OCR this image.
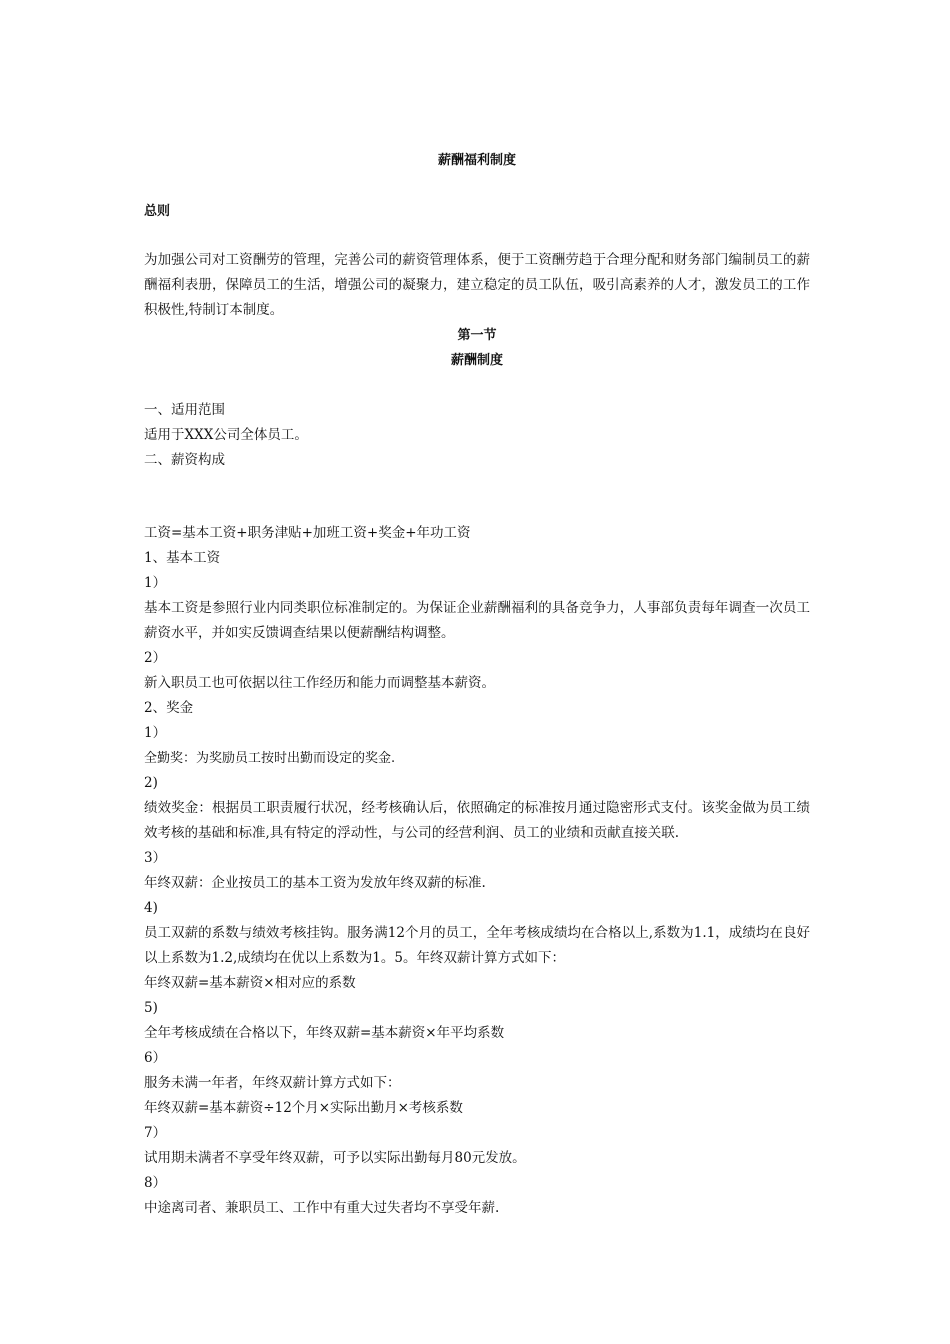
薪酬福利制度
总则
为加强公司对工资酬劳的管理，完善公司的薪资管理体系，便于工资酬劳趋于合理分配和财务部门编制员工的薪酬福利表册，保障员工的生活，增强公司的凝聚力，建立稳定的员工队伍，吸引高素养的人才，激发员工的工作积极性,特制订本制度。
第一节
薪酬制度
一、适用范围
适用于XXX公司全体员工。
二、薪资构成
工资=基本工资+职务津贴+加班工资+奖金+年功工资
1、基本工资
1）
基本工资是参照行业内同类职位标准制定的。为保证企业薪酬福利的具备竞争力，人事部负责每年调查一次员工薪资水平，并如实反馈调查结果以便薪酬结构调整。
2）
新入职员工也可依据以往工作经历和能力而调整基本薪资。
2、奖金
1）
全勤奖：为奖励员工按时出勤而设定的奖金.
2)
绩效奖金：根据员工职责履行状况，经考核确认后，依照确定的标准按月通过隐密形式支付。该奖金做为员工绩效考核的基础和标准,具有特定的浮动性，与公司的经营利润、员工的业绩和贡献直接关联.
3）
年终双薪：企业按员工的基本工资为发放年终双薪的标准.
4)
员工双薪的系数与绩效考核挂钩。服务满12个月的员工，全年考核成绩均在合格以上,系数为1.1，成绩均在良好以上系数为1.2,成绩均在优以上系数为1。5。年终双薪计算方式如下：
年终双薪=基本薪资×相对应的系数
5)
全年考核成绩在合格以下，年终双薪=基本薪资×年平均系数
6）
服务未满一年者，年终双薪计算方式如下：
年终双薪=基本薪资÷12个月×实际出勤月×考核系数
7）
试用期未满者不享受年终双薪，可予以实际出勤每月80元发放。
8）
中途离司者、兼职员工、工作中有重大过失者均不享受年薪.
